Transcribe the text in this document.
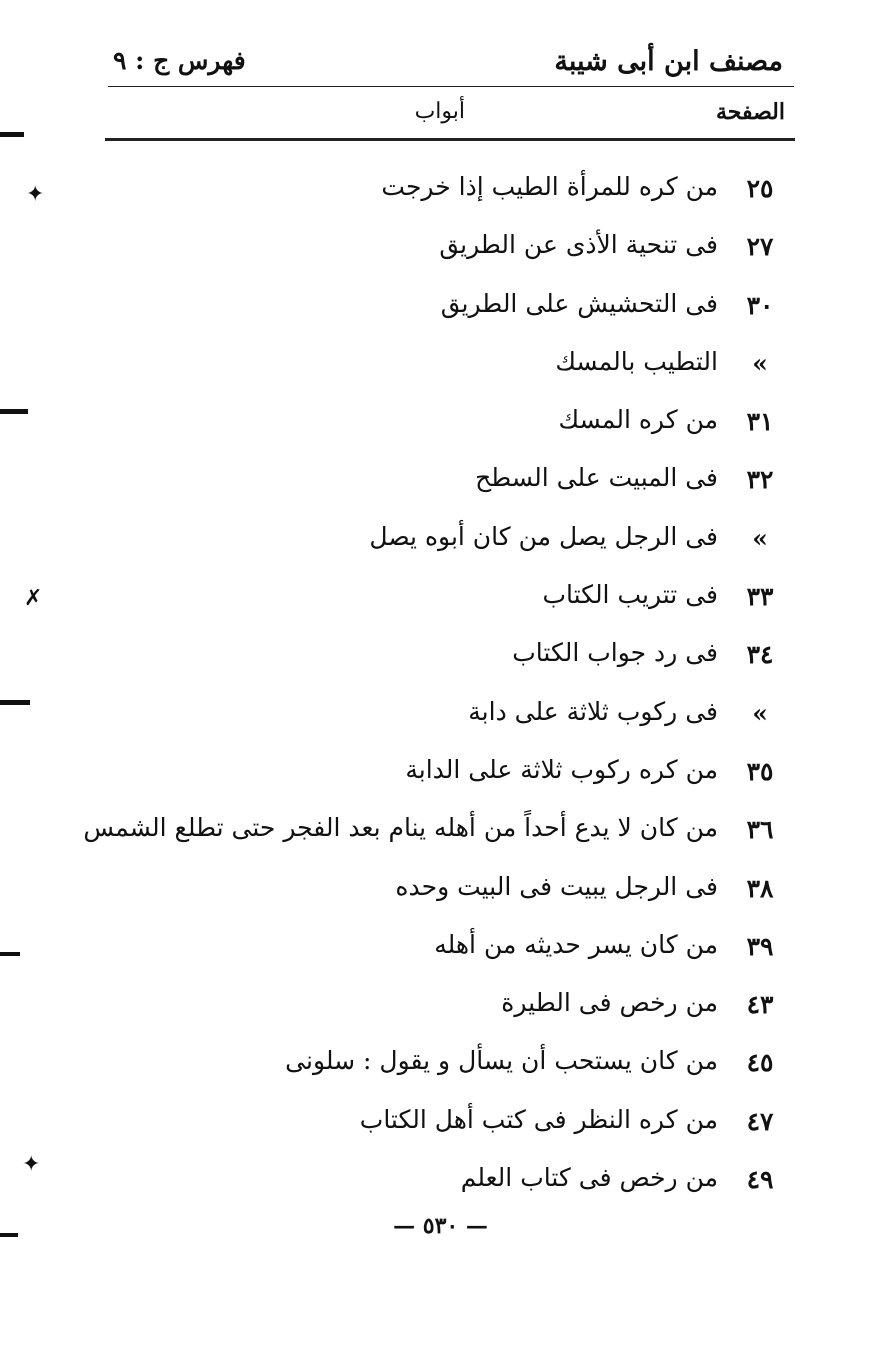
مصنف ابن أبى شيبة
فهرس ج : ٩
الصفحة
أبواب
٢٥
من كره للمرأة الطيب إذا خرجت
٢٧
فى تنحية الأذى عن الطريق
٣٠
فى التحشيش على الطريق
»
التطيب بالمسك
٣١
من كره المسك
٣٢
فى المبيت على السطح
»
فى الرجل يصل من كان أبوه يصل
٣٣
فى تتريب الكتاب
٣٤
فى رد جواب الكتاب
»
فى ركوب ثلاثة على دابة
٣٥
من كره ركوب ثلاثة على الدابة
٣٦
من كان لا يدع أحداً من أهله ينام بعد الفجر حتى تطلع الشمس
٣٨
فى الرجل يبيت فى البيت وحده
٣٩
من كان يسر حديثه من أهله
٤٣
من رخص فى الطيرة
٤٥
من كان يستحب أن يسأل و يقول : سلونى
٤٧
من كره النظر فى كتب أهل الكتاب
٤٩
من رخص فى كتاب العلم
— ٥٣٠ —
✦
✗
✦
